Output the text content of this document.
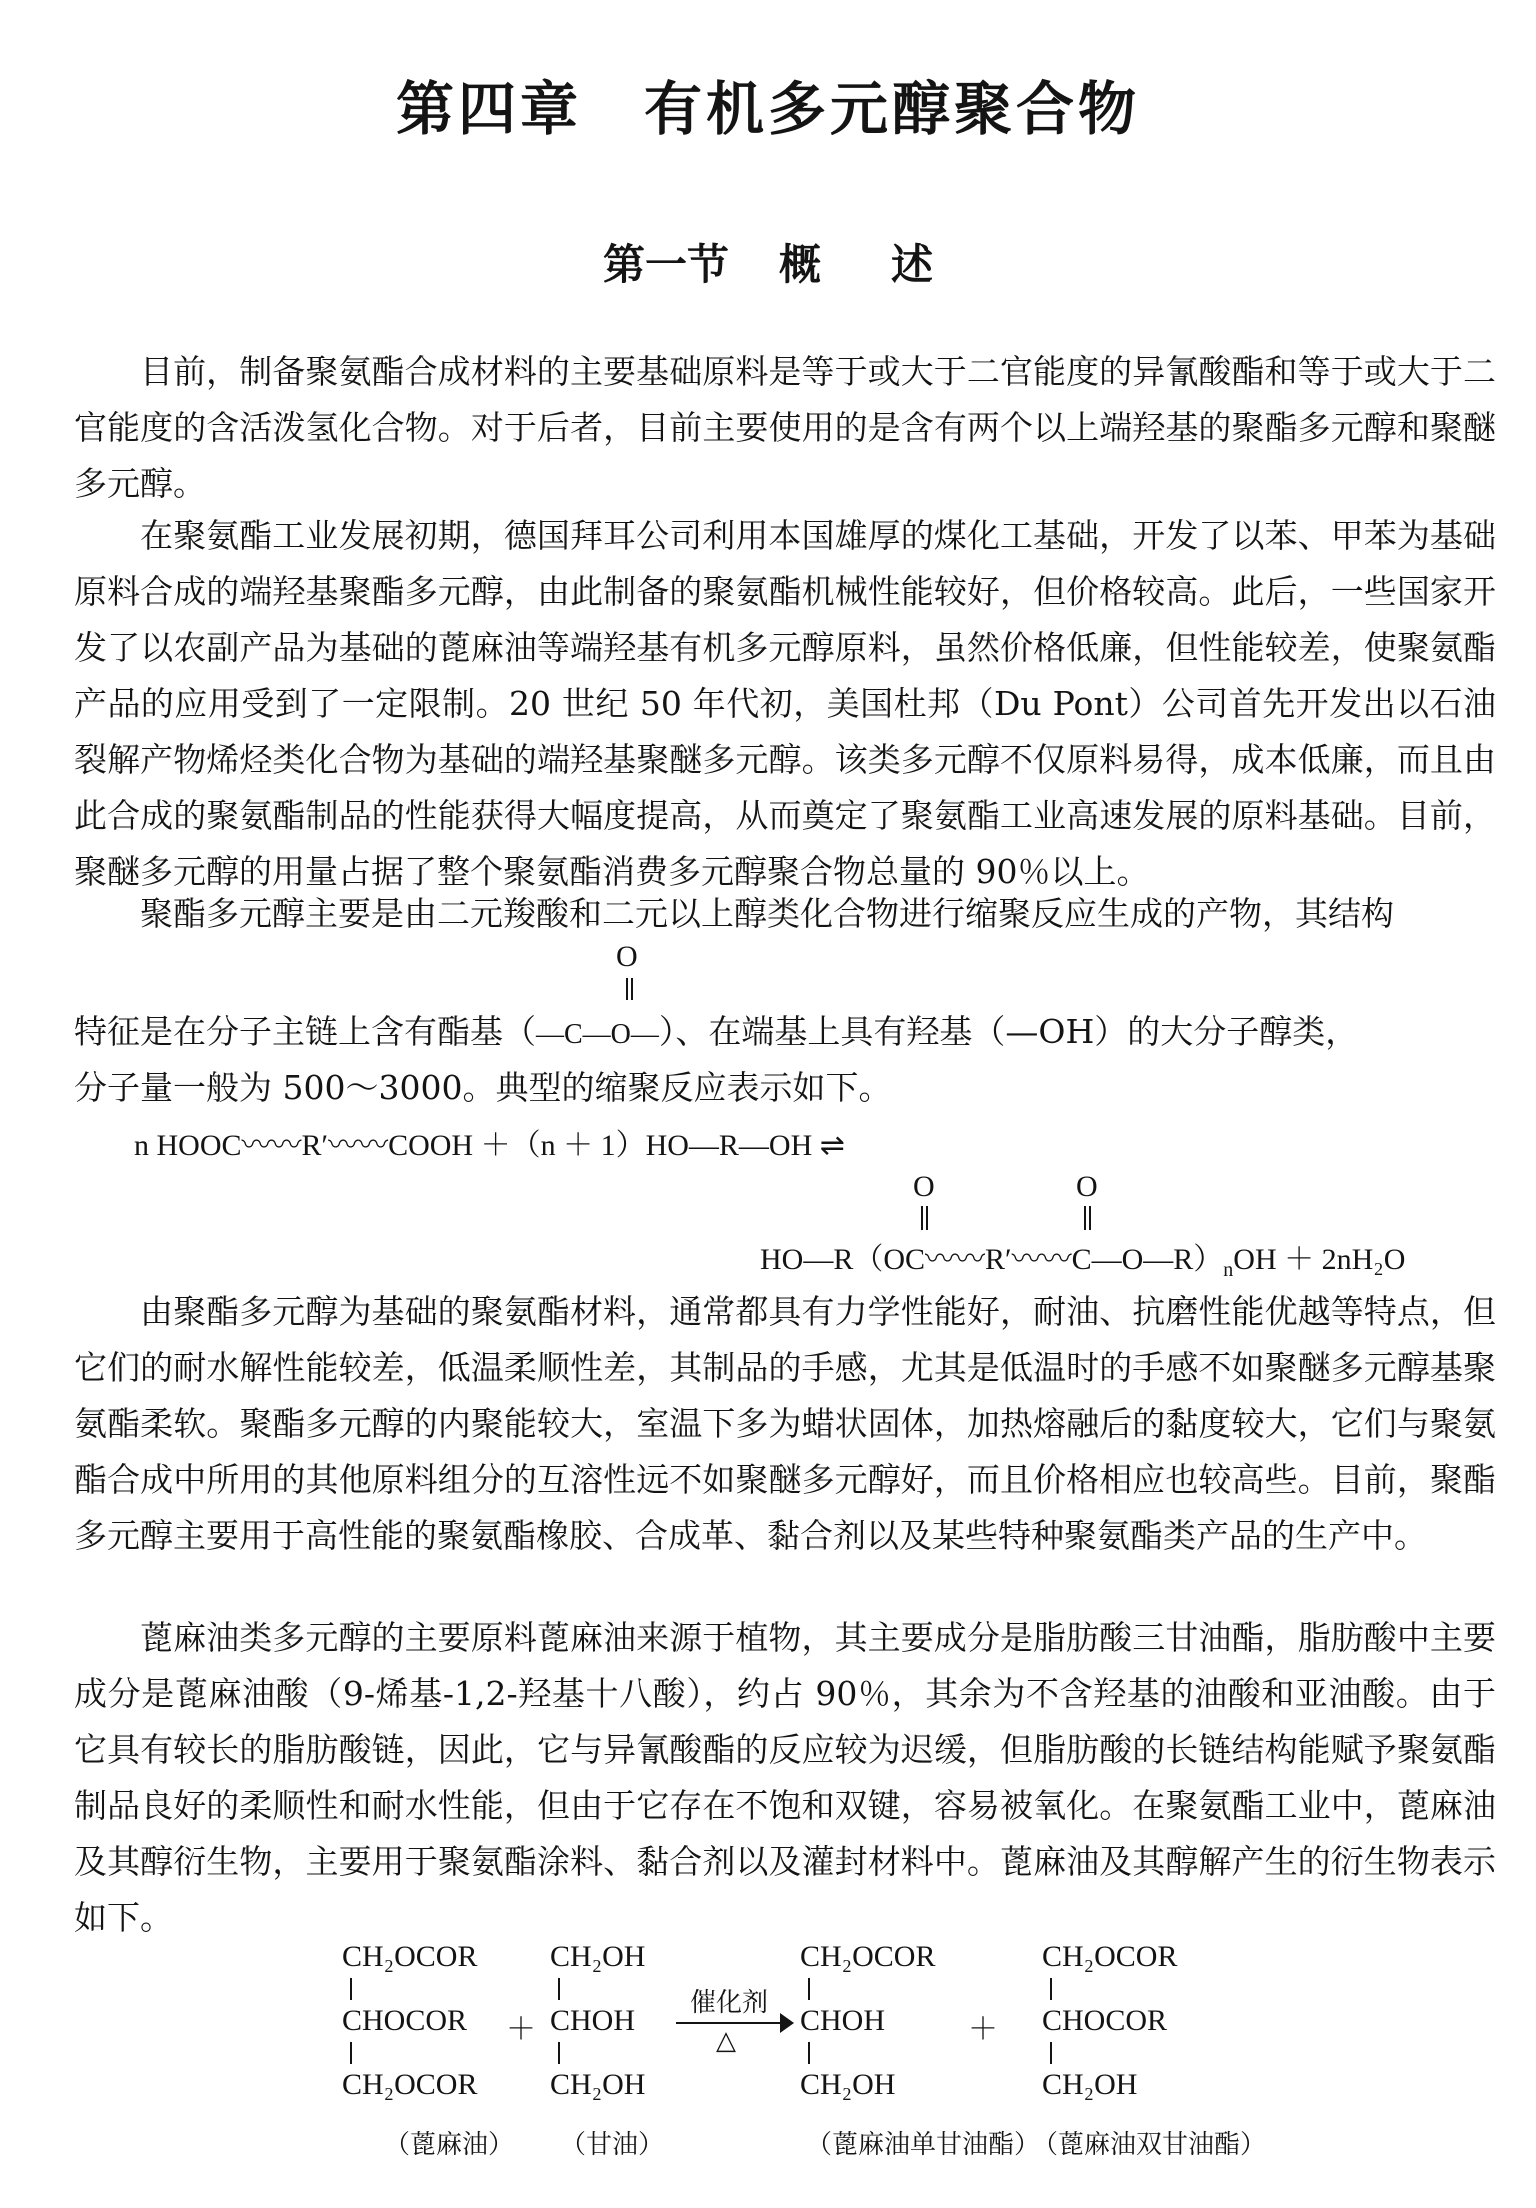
第四章　有机多元醇聚合物
第一节 概 述
目前，制备聚氨酯合成材料的主要基础原料是等于或大于二官能度的异氰酸酯和等于或大于二官能度的含活泼氢化合物。对于后者，目前主要使用的是含有两个以上端羟基的聚酯多元醇和聚醚多元醇。
在聚氨酯工业发展初期，德国拜耳公司利用本国雄厚的煤化工基础，开发了以苯、甲苯为基础原料合成的端羟基聚酯多元醇，由此制备的聚氨酯机械性能较好，但价格较高。此后，一些国家开发了以农副产品为基础的蓖麻油等端羟基有机多元醇原料，虽然价格低廉，但性能较差，使聚氨酯产品的应用受到了一定限制。20 世纪 50 年代初，美国杜邦（Du Pont）公司首先开发出以石油裂解产物烯烃类化合物为基础的端羟基聚醚多元醇。该类多元醇不仅原料易得，成本低廉，而且由此合成的聚氨酯制品的性能获得大幅度提高，从而奠定了聚氨酯工业高速发展的原料基础。目前，聚醚多元醇的用量占据了整个聚氨酯消费多元醇聚合物总量的 90％以上。
聚酯多元醇主要是由二元羧酸和二元以上醇类化合物进行缩聚反应生成的产物，其结构
O
特征是在分子主链上含有酯基（—C—O—）、在端基上具有羟基（—OH）的大分子醇类，
分子量一般为 500～3000。典型的缩聚反应表示如下。
n HOOC〰〰R′〰〰COOH ＋（n ＋ 1）HO—R—OH ⇌
O	O
HO—R（OC〰〰R′〰〰$C—O—R)_nOH + 2nH_2O$
由聚酯多元醇为基础的聚氨酯材料，通常都具有力学性能好，耐油、抗磨性能优越等特点，但它们的耐水解性能较差，低温柔顺性差，其制品的手感，尤其是低温时的手感不如聚醚多元醇基聚氨酯柔软。聚酯多元醇的内聚能较大，室温下多为蜡状固体，加热熔融后的黏度较大，它们与聚氨酯合成中所用的其他原料组分的互溶性远不如聚醚多元醇好，而且价格相应也较高些。目前，聚酯多元醇主要用于高性能的聚氨酯橡胶、合成革、黏合剂以及某些特种聚氨酯类产品的生产中。
蓖麻油类多元醇的主要原料蓖麻油来源于植物，其主要成分是脂肪酸三甘油酯，脂肪酸中主要成分是蓖麻油酸（9-烯基-1,2-羟基十八酸），约占 90％，其余为不含羟基的油酸和亚油酸。由于它具有较长的脂肪酸链，因此，它与异氰酸酯的反应较为迟缓，但脂肪酸的长链结构能赋予聚氨酯制品良好的柔顺性和耐水性能，但由于它存在不饱和双键，容易被氧化。在聚氨酯工业中，蓖麻油及其醇衍生物，主要用于聚氨酯涂料、黏合剂以及灌封材料中。蓖麻油及其醇解产生的衍生物表示如下。
CH₂OCOR
CHOCOR
CH₂OCOR
＋
CH₂OH
CHOH
CH₂OH
催化剂
△
CH₂OCOR
CHOH
CH₂OH
＋
CH₂OCOR
CHOCOR
CH₂OH
（蓖麻油） （甘油）	（蓖麻油单甘油酯）
（蓖麻油双甘油酯）
